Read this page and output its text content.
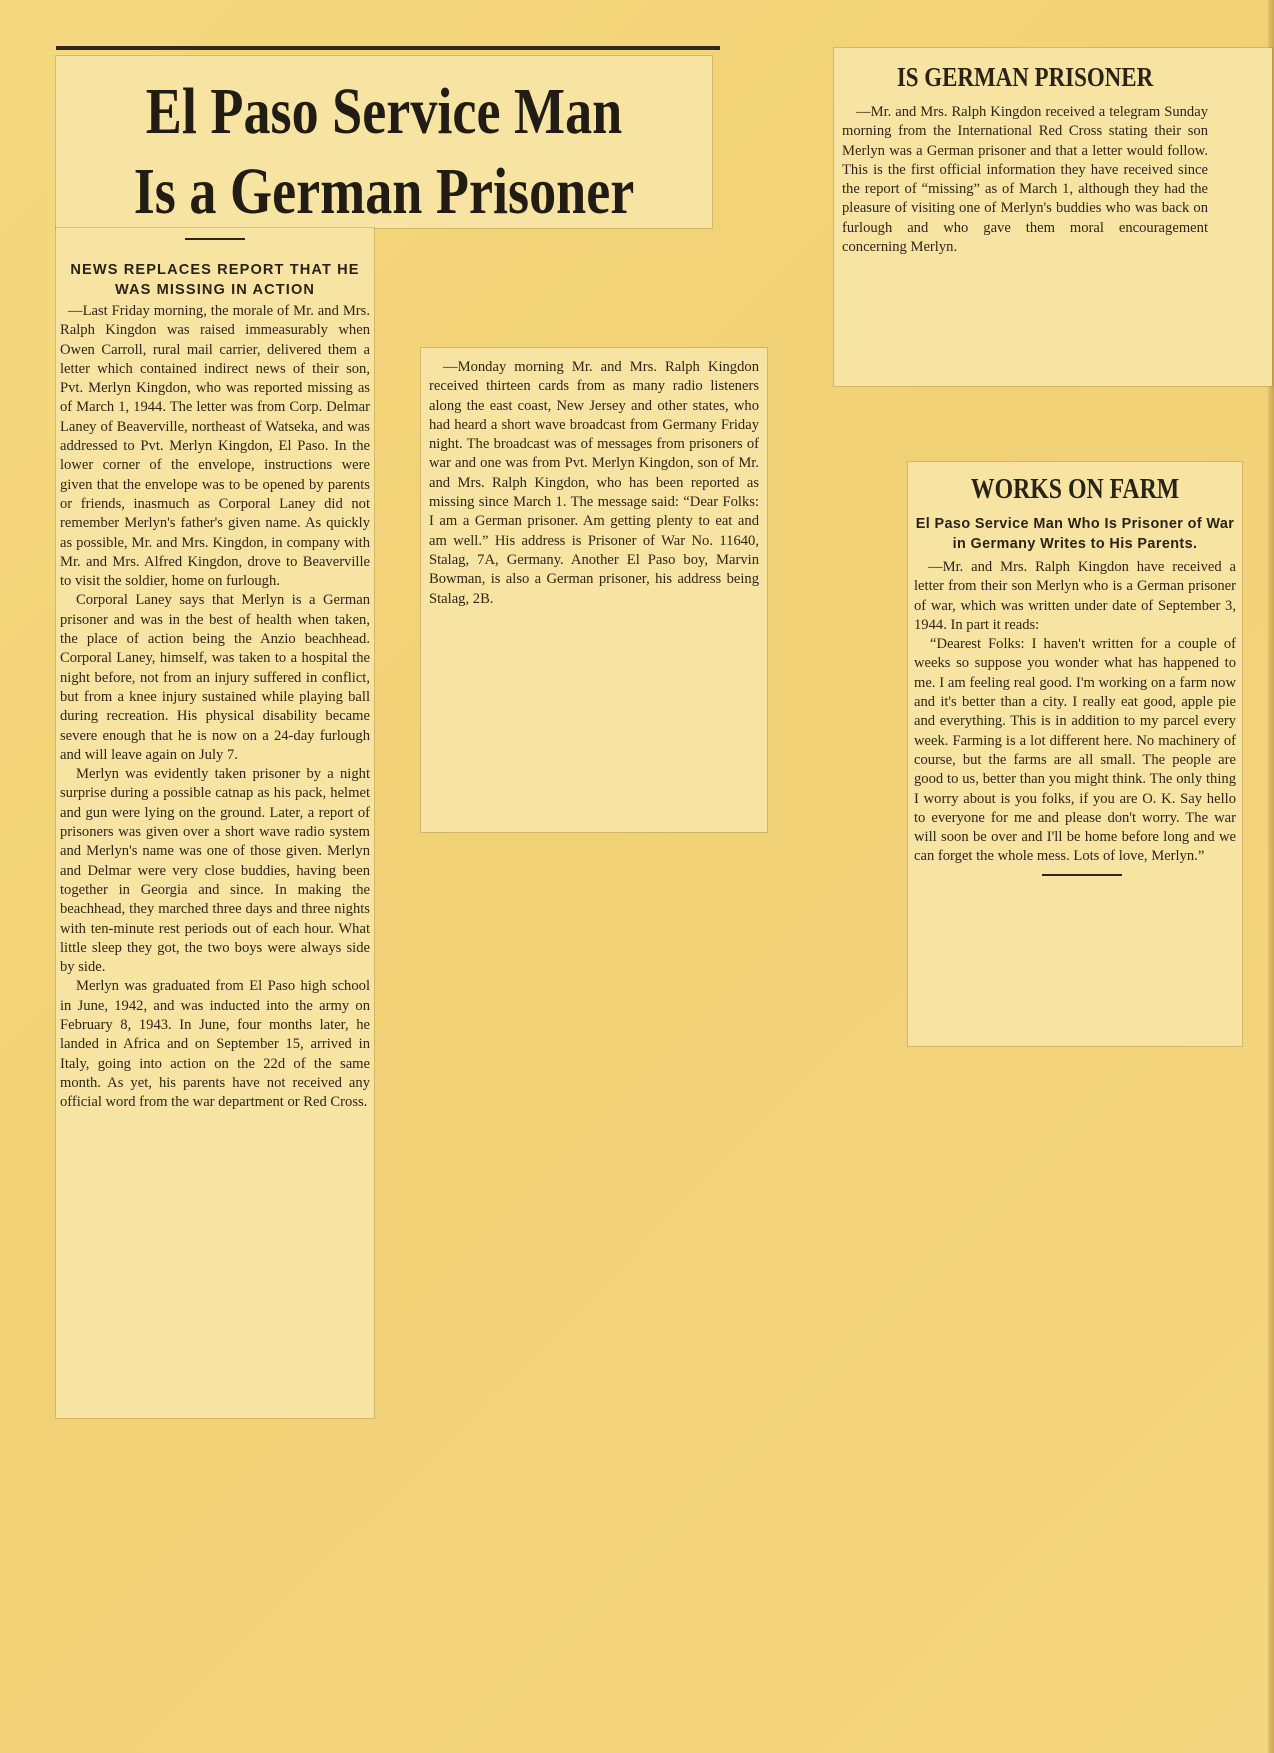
El Paso Service Man
Is a German Prisoner
NEWS REPLACES REPORT THAT HE WAS MISSING IN ACTION

—Last Friday morning, the morale of Mr. and Mrs. Ralph Kingdon was raised immeasurably when Owen Carroll, rural mail carrier, delivered them a letter which contained indirect news of their son, Pvt. Merlyn Kingdon, who was reported missing as of March 1, 1944. The letter was from Corp. Delmar Laney of Beaverville, northeast of Watseka, and was addressed to Pvt. Merlyn Kingdon, El Paso. In the lower corner of the envelope, instructions were given that the envelope was to be opened by parents or friends, inasmuch as Corporal Laney did not remember Merlyn's father's given name. As quickly as possible, Mr. and Mrs. Kingdon, in company with Mr. and Mrs. Alfred Kingdon, drove to Beaverville to visit the soldier, home on furlough.

Corporal Laney says that Merlyn is a German prisoner and was in the best of health when taken, the place of action being the Anzio beachhead. Corporal Laney, himself, was taken to a hospital the night before, not from an injury suffered in conflict, but from a knee injury sustained while playing ball during recreation. His physical disability became severe enough that he is now on a 24-day furlough and will leave again on July 7.

Merlyn was evidently taken prisoner by a night surprise during a possible catnap as his pack, helmet and gun were lying on the ground. Later, a report of prisoners was given over a short wave radio system and Merlyn's name was one of those given. Merlyn and Delmar were very close buddies, having been together in Georgia and since. In making the beachhead, they marched three days and three nights with ten-minute rest periods out of each hour. What little sleep they got, the two boys were always side by side.

Merlyn was graduated from El Paso high school in June, 1942, and was inducted into the army on February 8, 1943. In June, four months later, he landed in Africa and on September 15, arrived in Italy, going into action on the 22d of the same month. As yet, his parents have not received any official word from the war department or Red Cross.

—Monday morning Mr. and Mrs. Ralph Kingdon received thirteen cards from as many radio listeners along the east coast, New Jersey and other states, who had heard a short wave broadcast from Germany Friday night. The broadcast was of messages from prisoners of war and one was from Pvt. Merlyn Kingdon, son of Mr. and Mrs. Ralph Kingdon, who has been reported as missing since March 1. The message said: “Dear Folks: I am a German prisoner. Am getting plenty to eat and am well.” His address is Prisoner of War No. 11640, Stalag, 7A, Germany. Another El Paso boy, Marvin Bowman, is also a German prisoner, his address being Stalag, 2B.

IS GERMAN PRISONER

—Mr. and Mrs. Ralph Kingdon received a telegram Sunday morning from the International Red Cross stating their son Merlyn was a German prisoner and that a letter would follow. This is the first official information they have received since the report of “missing” as of March 1, although they had the pleasure of visiting one of Merlyn's buddies who was back on furlough and who gave them moral encouragement concerning Merlyn.

WORKS ON FARM
El Paso Service Man Who Is Prisoner of War in Germany Writes to His Parents.

—Mr. and Mrs. Ralph Kingdon have received a letter from their son Merlyn who is a German prisoner of war, which was written under date of September 3, 1944. In part it reads:

“Dearest Folks: I haven't written for a couple of weeks so suppose you wonder what has happened to me. I am feeling real good. I'm working on a farm now and it's better than a city. I really eat good, apple pie and everything. This is in addition to my parcel every week. Farming is a lot different here. No machinery of course, but the farms are all small. The people are good to us, better than you might think. The only thing I worry about is you folks, if you are O. K. Say hello to everyone for me and please don't worry. The war will soon be over and I'll be home before long and we can forget the whole mess. Lots of love, Merlyn.”
